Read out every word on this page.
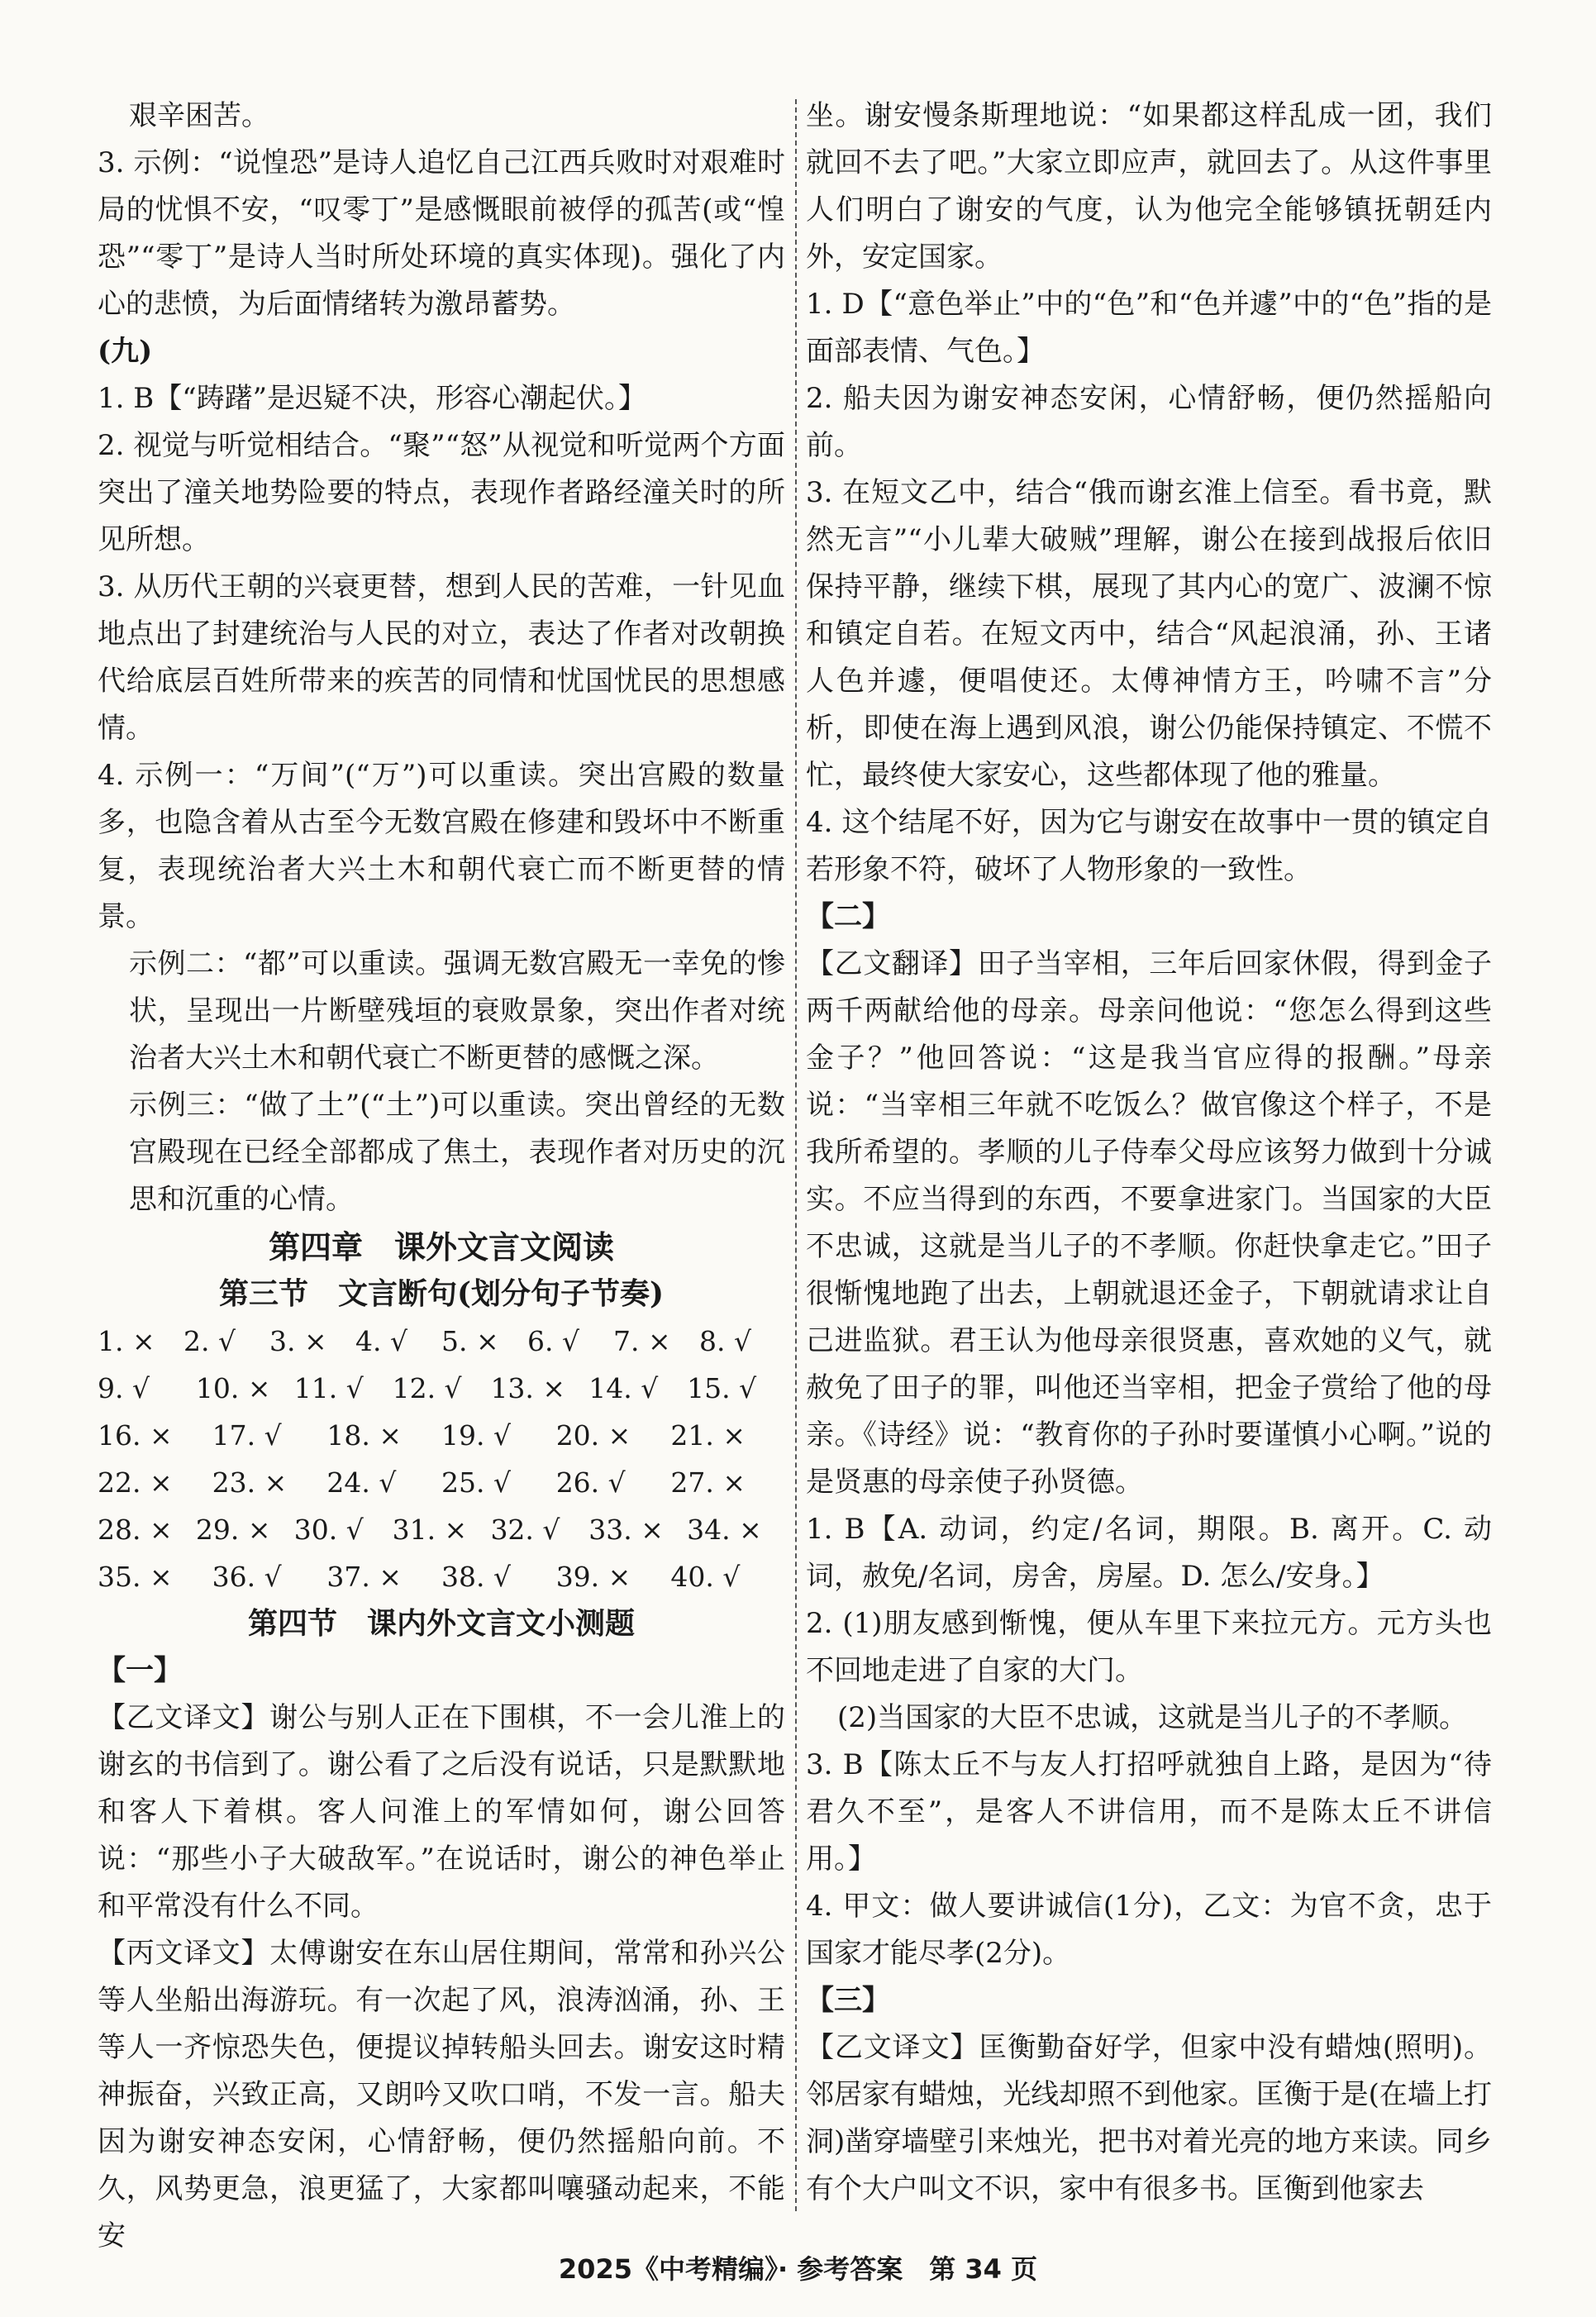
艰辛困苦。

3. 示例：“说惶恐”是诗人追忆自己江西兵败时对艰难时局的忧惧不安，“叹零丁”是感慨眼前被俘的孤苦(或“惶恐”“零丁”是诗人当时所处环境的真实体现)。强化了内心的悲愤，为后面情绪转为激昂蓄势。

(九)

1. B【“踌躇”是迟疑不决，形容心潮起伏。】

2. 视觉与听觉相结合。“聚”“怒”从视觉和听觉两个方面突出了潼关地势险要的特点，表现作者路经潼关时的所见所想。

3. 从历代王朝的兴衰更替，想到人民的苦难，一针见血地点出了封建统治与人民的对立，表达了作者对改朝换代给底层百姓所带来的疾苦的同情和忧国忧民的思想感情。

4. 示例一：“万间”(“万”)可以重读。突出宫殿的数量多，也隐含着从古至今无数宫殿在修建和毁坏中不断重复，表现统治者大兴土木和朝代衰亡而不断更替的情景。

示例二：“都”可以重读。强调无数宫殿无一幸免的惨状，呈现出一片断壁残垣的衰败景象，突出作者对统治者大兴土木和朝代衰亡不断更替的感慨之深。

示例三：“做了土”(“土”)可以重读。突出曾经的无数宫殿现在已经全部都成了焦土，表现作者对历史的沉思和沉重的心情。

第四章　课外文言文阅读

第三节　文言断句(划分句子节奏)

1. ×	2. √	3. ×	4. √	5. ×	6. √	7. ×	8. √
9. √	10. × 11. √	12. √	13. × 14. √	15. √
16. ×	17. √	18. ×	19. √	20. ×	21. ×
22. ×	23. ×	24. √	25. √	26. √	27. ×
28. × 29. × 30. √	31. × 32. √	33. × 34. ×
35. ×	36. √	37. ×	38. √	39. ×	40. √

第四节　课内外文言文小测题

【一】

【乙文译文】谢公与别人正在下围棋，不一会儿淮上的谢玄的书信到了。谢公看了之后没有说话，只是默默地和客人下着棋。客人问淮上的军情如何，谢公回答说：“那些小子大破敌军。”在说话时，谢公的神色举止和平常没有什么不同。

【丙文译文】太傅谢安在东山居住期间，常常和孙兴公等人坐船出海游玩。有一次起了风，浪涛汹涌，孙、王等人一齐惊恐失色，便提议掉转船头回去。谢安这时精神振奋，兴致正高，又朗吟又吹口哨，不发一言。船夫因为谢安神态安闲，心情舒畅，便仍然摇船向前。不久，风势更急，浪更猛了，大家都叫嚷骚动起来，不能安

坐。谢安慢条斯理地说：“如果都这样乱成一团，我们就回不去了吧。”大家立即应声，就回去了。从这件事里人们明白了谢安的气度，认为他完全能够镇抚朝廷内外，安定国家。

1. D【“意色举止”中的“色”和“色并遽”中的“色”指的是面部表情、气色。】

2. 船夫因为谢安神态安闲，心情舒畅，便仍然摇船向前。

3. 在短文乙中，结合“俄而谢玄淮上信至。看书竟，默然无言”“小儿辈大破贼”理解，谢公在接到战报后依旧保持平静，继续下棋，展现了其内心的宽广、波澜不惊和镇定自若。在短文丙中，结合“风起浪涌，孙、王诸人色并遽，便唱使还。太傅神情方王，吟啸不言”分析，即使在海上遇到风浪，谢公仍能保持镇定、不慌不忙，最终使大家安心，这些都体现了他的雅量。

4. 这个结尾不好，因为它与谢安在故事中一贯的镇定自若形象不符，破坏了人物形象的一致性。

【二】

【乙文翻译】田子当宰相，三年后回家休假，得到金子两千两献给他的母亲。母亲问他说：“您怎么得到这些金子？”他回答说：“这是我当官应得的报酬。”母亲说：“当宰相三年就不吃饭么？做官像这个样子，不是我所希望的。孝顺的儿子侍奉父母应该努力做到十分诚实。不应当得到的东西，不要拿进家门。当国家的大臣不忠诚，这就是当儿子的不孝顺。你赶快拿走它。”田子很惭愧地跑了出去，上朝就退还金子，下朝就请求让自己进监狱。君王认为他母亲很贤惠，喜欢她的义气，就赦免了田子的罪，叫他还当宰相，把金子赏给了他的母亲。《诗经》说：“教育你的子孙时要谨慎小心啊。”说的是贤惠的母亲使子孙贤德。

1. B【A. 动词，约定/名词，期限。B. 离开。C. 动词，赦免/名词，房舍，房屋。D. 怎么/安身。】

2. (1)朋友感到惭愧，便从车里下来拉元方。元方头也不回地走进了自家的大门。

(2)当国家的大臣不忠诚，这就是当儿子的不孝顺。

3. B【陈太丘不与友人打招呼就独自上路，是因为“待君久不至”，是客人不讲信用，而不是陈太丘不讲信用。】

4. 甲文：做人要讲诚信(1分)，乙文：为官不贪，忠于国家才能尽孝(2分)。

【三】

【乙文译文】匡衡勤奋好学，但家中没有蜡烛(照明)。邻居家有蜡烛，光线却照不到他家。匡衡于是(在墙上打洞)凿穿墙壁引来烛光，把书对着光亮的地方来读。同乡有个大户叫文不识，家中有很多书。匡衡到他家去

2025《中考精编》· 参考答案　第 34 页
